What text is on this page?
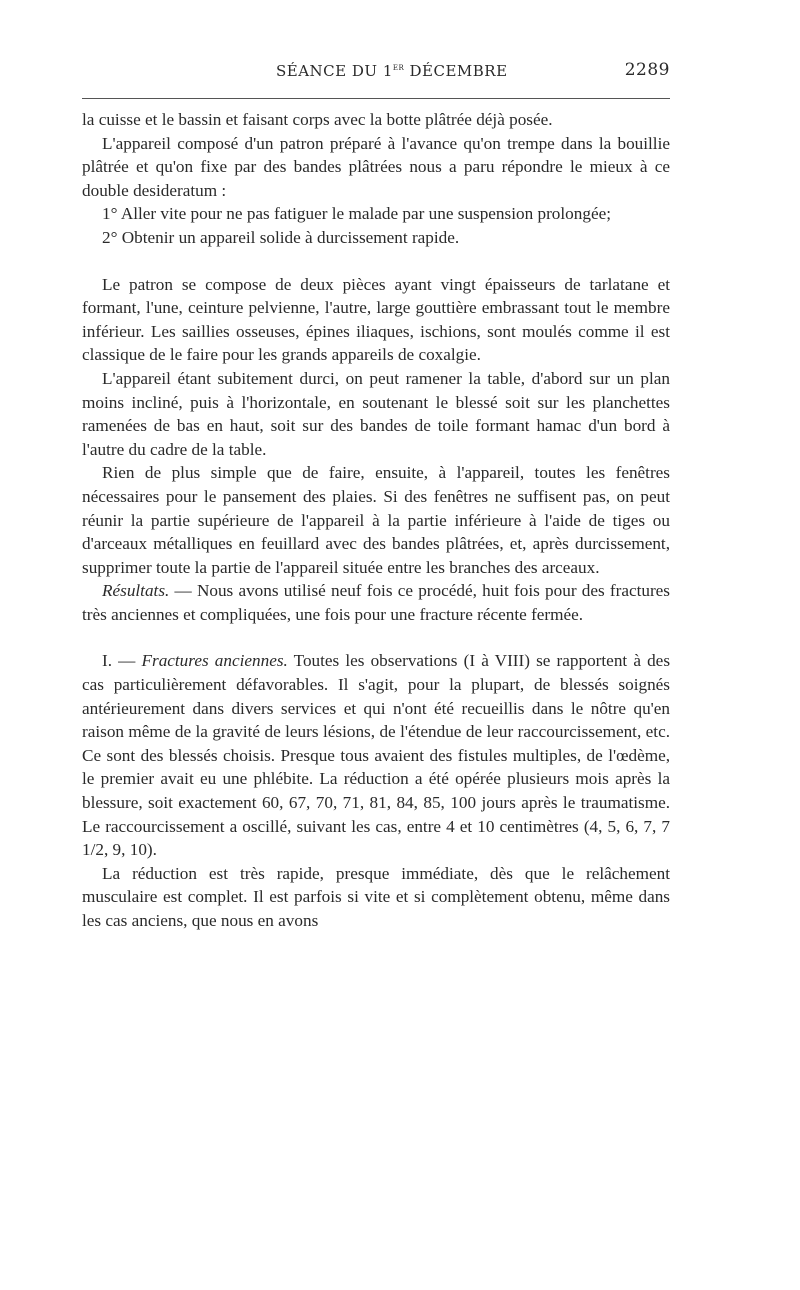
SÉANCE DU 1er DÉCEMBRE	2289

la cuisse et le bassin et faisant corps avec la botte plâtrée déjà posée.

L'appareil composé d'un patron préparé à l'avance qu'on trempe dans la bouillie plâtrée et qu'on fixe par des bandes plâtrées nous a paru répondre le mieux à ce double desideratum :

1° Aller vite pour ne pas fatiguer le malade par une suspension prolongée;

2° Obtenir un appareil solide à durcissement rapide.

Le patron se compose de deux pièces ayant vingt épaisseurs de tarlatane et formant, l'une, ceinture pelvienne, l'autre, large gouttière embrassant tout le membre inférieur. Les saillies osseuses, épines iliaques, ischions, sont moulés comme il est classique de le faire pour les grands appareils de coxalgie.

L'appareil étant subitement durci, on peut ramener la table, d'abord sur un plan moins incliné, puis à l'horizontale, en soutenant le blessé soit sur les planchettes ramenées de bas en haut, soit sur des bandes de toile formant hamac d'un bord à l'autre du cadre de la table.

Rien de plus simple que de faire, ensuite, à l'appareil, toutes les fenêtres nécessaires pour le pansement des plaies. Si des fenêtres ne suffisent pas, on peut réunir la partie supérieure de l'appareil à la partie inférieure à l'aide de tiges ou d'arceaux métalliques en feuillard avec des bandes plâtrées, et, après durcissement, supprimer toute la partie de l'appareil située entre les branches des arceaux.

Résultats. — Nous avons utilisé neuf fois ce procédé, huit fois pour des fractures très anciennes et compliquées, une fois pour une fracture récente fermée.

I. — Fractures anciennes. Toutes les observations (I à VIII) se rapportent à des cas particulièrement défavorables. Il s'agit, pour la plupart, de blessés soignés antérieurement dans divers services et qui n'ont été recueillis dans le nôtre qu'en raison même de la gravité de leurs lésions, de l'étendue de leur raccourcissement, etc. Ce sont des blessés choisis. Presque tous avaient des fistules multiples, de l'œdème, le premier avait eu une phlébite. La réduction a été opérée plusieurs mois après la blessure, soit exactement 60, 67, 70, 71, 81, 84, 85, 100 jours après le traumatisme. Le raccourcissement a oscillé, suivant les cas, entre 4 et 10 centimètres (4, 5, 6, 7, 7 1/2, 9, 10).

La réduction est très rapide, presque immédiate, dès que le relâchement musculaire est complet. Il est parfois si vite et si complètement obtenu, même dans les cas anciens, que nous en avons
